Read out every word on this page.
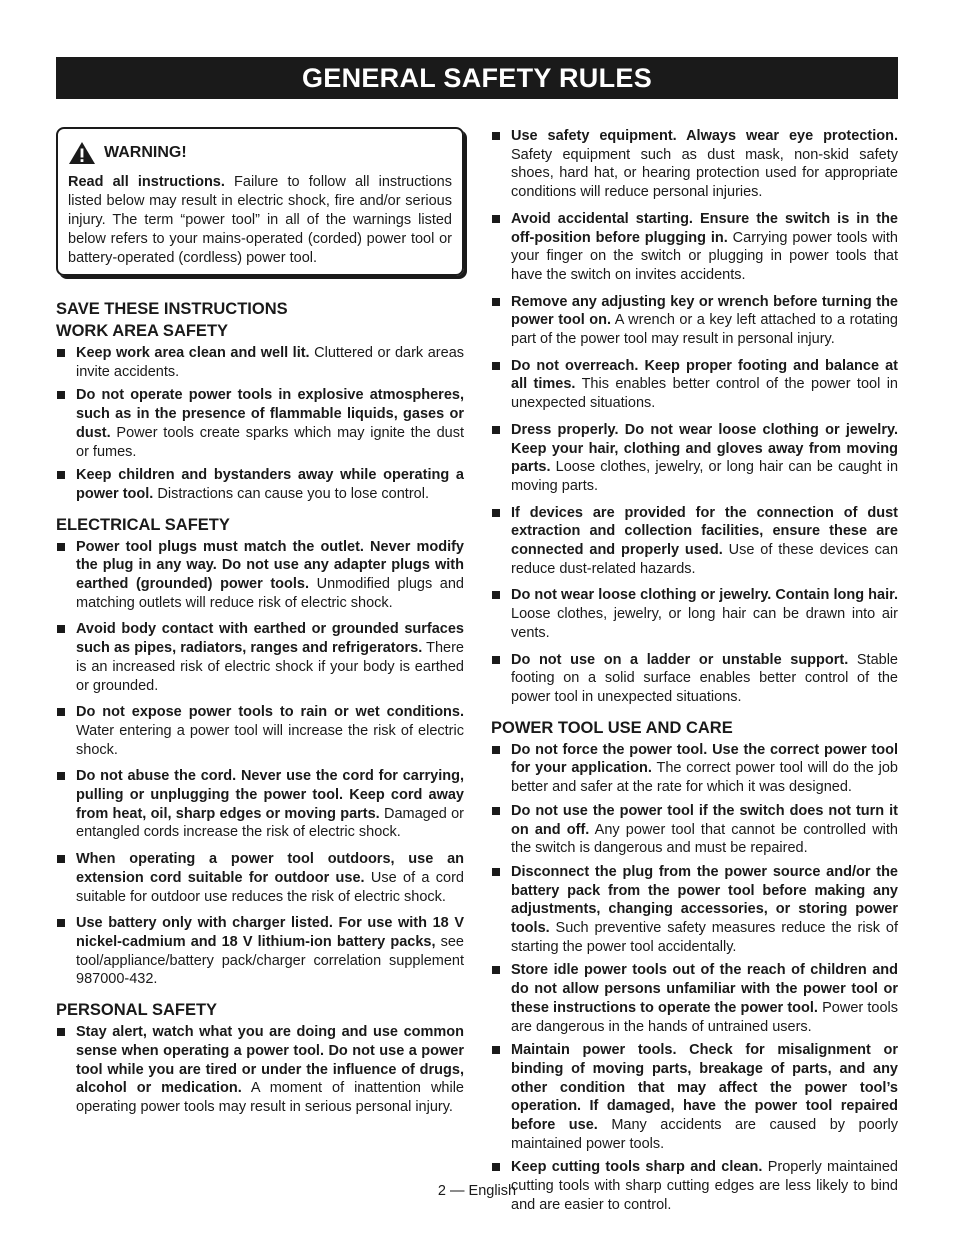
GENERAL SAFETY RULES
WARNING!
Read all instructions. Failure to follow all instructions listed below may result in electric shock, fire and/or serious injury. The term “power tool” in all of the warnings listed below refers to your mains-operated (corded) power tool or battery-operated (cordless) power tool.
SAVE THESE INSTRUCTIONS
WORK AREA SAFETY
Keep work area clean and well lit. Cluttered or dark areas invite accidents.
Do not operate power tools in explosive atmospheres, such as in the presence of flammable liquids, gases or dust. Power tools create sparks which may ignite the dust or fumes.
Keep children and bystanders away while operating a power tool. Distractions can cause you to lose control.
ELECTRICAL SAFETY
Power tool plugs must match the outlet. Never modify the plug in any way. Do not use any adapter plugs with earthed (grounded) power tools. Unmodified plugs and matching outlets will reduce risk of electric shock.
Avoid body contact with earthed or grounded surfaces such as pipes, radiators, ranges and refrigerators. There is an increased risk of electric shock if your body is earthed or grounded.
Do not expose power tools to rain or wet conditions. Water entering a power tool will increase the risk of electric shock.
Do not abuse the cord. Never use the cord for carrying, pulling or unplugging the power tool. Keep cord away from heat, oil, sharp edges or moving parts. Damaged or entangled cords increase the risk of electric shock.
When operating a power tool outdoors, use an extension cord suitable for outdoor use. Use of a cord suitable for outdoor use reduces the risk of electric shock.
Use battery only with charger listed. For use with 18 V nickel-cadmium and 18 V lithium-ion battery packs, see tool/appliance/battery pack/charger correlation supplement 987000-432.
PERSONAL SAFETY
Stay alert, watch what you are doing and use common sense when operating a power tool. Do not use a power tool while you are tired or under the influence of drugs, alcohol or medication. A moment of inattention while operating power tools may result in serious personal injury.
Use safety equipment. Always wear eye protection. Safety equipment such as dust mask, non-skid safety shoes, hard hat, or hearing protection used for appropriate conditions will reduce personal injuries.
Avoid accidental starting. Ensure the switch is in the off-position before plugging in. Carrying power tools with your finger on the switch or plugging in power tools that have the switch on invites accidents.
Remove any adjusting key or wrench before turning the power tool on. A wrench or a key left attached to a rotating part of the power tool may result in personal injury.
Do not overreach. Keep proper footing and balance at all times. This enables better control of the power tool in unexpected situations.
Dress properly. Do not wear loose clothing or jewelry. Keep your hair, clothing and gloves away from moving parts. Loose clothes, jewelry, or long hair can be caught in moving parts.
If devices are provided for the connection of dust extraction and collection facilities, ensure these are connected and properly used. Use of these devices can reduce dust-related hazards.
Do not wear loose clothing or jewelry. Contain long hair. Loose clothes, jewelry, or long hair can be drawn into air vents.
Do not use on a ladder or unstable support. Stable footing on a solid surface enables better control of the power tool in unexpected situations.
POWER TOOL USE AND CARE
Do not force the power tool. Use the correct power tool for your application. The correct power tool will do the job better and safer at the rate for which it was designed.
Do not use the power tool if the switch does not turn it on and off. Any power tool that cannot be controlled with the switch is dangerous and must be repaired.
Disconnect the plug from the power source and/or the battery pack from the power tool before making any adjustments, changing accessories, or storing power tools. Such preventive safety measures reduce the risk of starting the power tool accidentally.
Store idle power tools out of the reach of children and do not allow persons unfamiliar with the power tool or these instructions to operate the power tool. Power tools are dangerous in the hands of untrained users.
Maintain power tools. Check for misalignment or binding of moving parts, breakage of parts, and any other condition that may affect the power tool’s operation. If damaged, have the power tool repaired before use. Many accidents are caused by poorly maintained power tools.
Keep cutting tools sharp and clean. Properly maintained cutting tools with sharp cutting edges are less likely to bind and are easier to control.
2 — English
